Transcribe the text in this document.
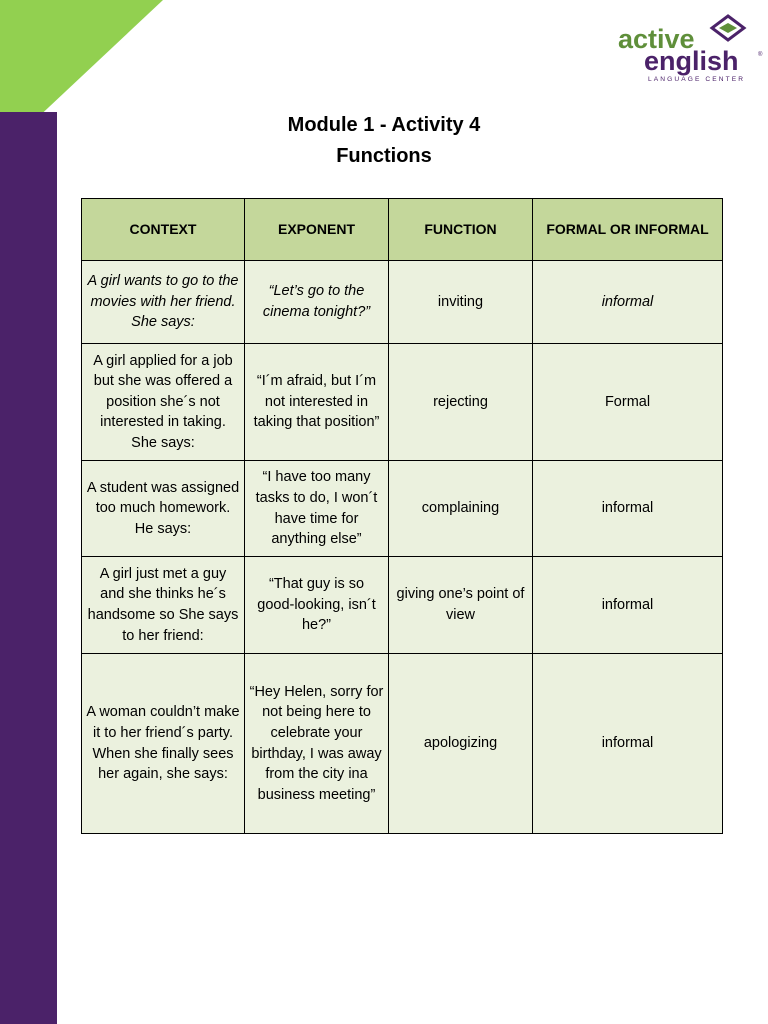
active
english	®
LANGUAGE CENTER
Module 1 - Activity 4
Functions
CONTEXT	EXPONENT	FUNCTION	FORMAL OR INFORMAL
A girl wants to go to the movies with her friend. She says:	“Let’s go to the cinema tonight?”	inviting	informal
A girl applied for a job but she was offered a position she´s not interested in taking. She says:	“I´m afraid, but I´m not interested in taking that position”	rejecting	Formal
A student was assigned too much homework. He says:	“I have too many tasks to do, I won´t have time for anything else”	complaining	informal
A girl just met a guy and she thinks he´s handsome so She says to her friend:	“That guy is so good-looking, isn´t he?”	giving one’s point of view	informal
A woman couldn’t make it to her friend´s party. When she finally sees her again, she says:	“Hey Helen, sorry for not being here to celebrate your birthday, I was away from the city ina business meeting”	apologizing	informal
